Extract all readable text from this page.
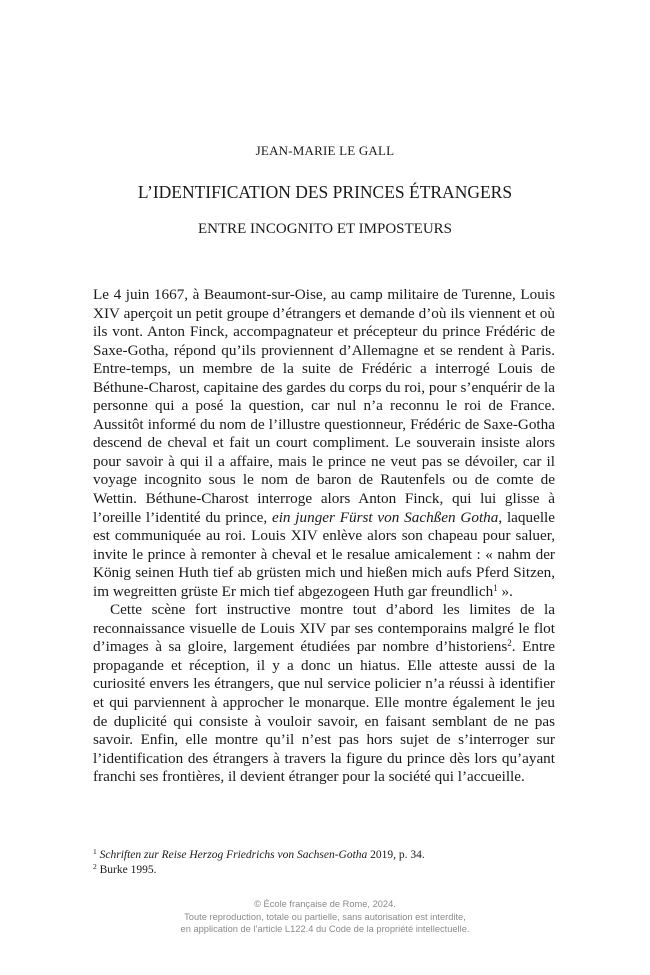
JEAN-MARIE LE GALL
L’IDENTIFICATION DES PRINCES ÉTRANGERS
ENTRE INCOGNITO ET IMPOSTEURS

Le 4 juin 1667, à Beaumont-sur-Oise, au camp militaire de Turenne, Louis XIV aperçoit un petit groupe d’étrangers et demande d’où ils viennent et où ils vont. Anton Finck, accompagnateur et précepteur du prince Frédéric de Saxe-Gotha, répond qu’ils proviennent d’Allemagne et se rendent à Paris. Entre-temps, un membre de la suite de Frédéric a interrogé Louis de Béthune-Charost, capitaine des gardes du corps du roi, pour s’enquérir de la personne qui a posé la question, car nul n’a reconnu le roi de France. Aussitôt informé du nom de l’illustre questionneur, Frédéric de Saxe-Gotha descend de cheval et fait un court compliment. Le souverain insiste alors pour savoir à qui il a affaire, mais le prince ne veut pas se dévoiler, car il voyage incognito sous le nom de baron de Rautenfels ou de comte de Wettin. Béthune-Charost interroge alors Anton Finck, qui lui glisse à l’oreille l’identité du prince, ein junger Fürst von Sachßen Gotha, laquelle est communiquée au roi. Louis XIV enlève alors son chapeau pour saluer, invite le prince à remonter à cheval et le resalue amicalement : « nahm der König seinen Huth tief ab grüsten mich und hießen mich aufs Pferd Sitzen, im wegreitten grüste Er mich tief abgezogeen Huth gar freundlich$^1$ ».

Cette scène fort instructive montre tout d’abord les limites de la reconnaissance visuelle de Louis XIV par ses contemporains malgré le flot d’images à sa gloire, largement étudiées par nombre d’historiens$^2$. Entre propagande et réception, il y a donc un hiatus. Elle atteste aussi de la curiosité envers les étrangers, que nul service policier n’a réussi à identifier et qui parviennent à approcher le monarque. Elle montre également le jeu de duplicité qui consiste à vouloir savoir, en faisant semblant de ne pas savoir. Enfin, elle montre qu’il n’est pas hors sujet de s’interroger sur l’identification des étrangers à travers la figure du prince dès lors qu’ayant franchi ses frontières, il devient étranger pour la société qui l’accueille.

$^1$ Schriften zur Reise Herzog Friedrichs von Sachsen-Gotha 2019, p. 34.
$^2$ Burke 1995.
© École française de Rome, 2024.
Toute reproduction, totale ou partielle, sans autorisation est interdite,
en application de l’article L122.4 du Code de la propriété intellectuelle.
